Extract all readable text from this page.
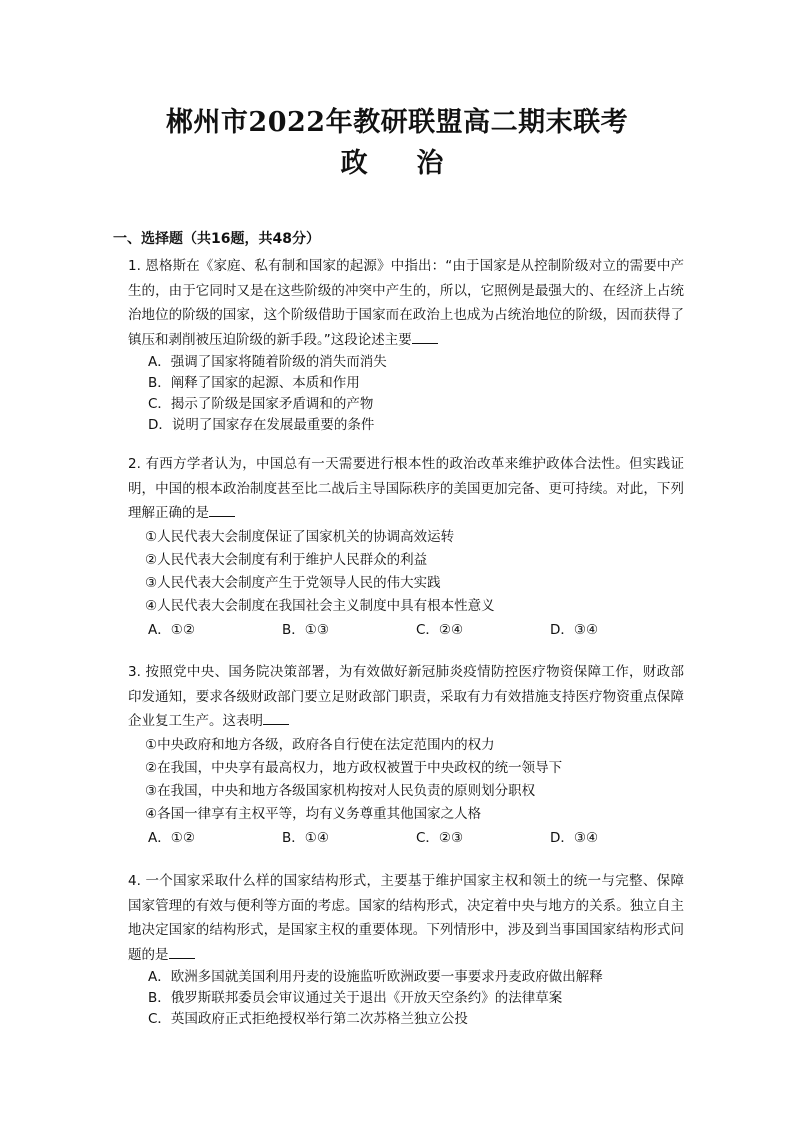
郴州市2022年教研联盟高二期末联考
政  治
一、选择题（共16题，共48分）

1. 恩格斯在《家庭、私有制和国家的起源》中指出：“由于国家是从控制阶级对立的需要中产生的，由于它同时又是在这些阶级的冲突中产生的，所以，它照例是最强大的、在经济上占统治地位的阶级的国家，这个阶级借助于国家而在政治上也成为占统治地位的阶级，因而获得了镇压和剥削被压迫阶级的新手段。”这段论述主要

A．强调了国家将随着阶级的消失而消失

B．阐释了国家的起源、本质和作用

C．揭示了阶级是国家矛盾调和的产物

D．说明了国家存在发展最重要的条件

2. 有西方学者认为，中国总有一天需要进行根本性的政治改革来维护政体合法性。但实践证明，中国的根本政治制度甚至比二战后主导国际秩序的美国更加完备、更可持续。对此，下列理解正确的是

①人民代表大会制度保证了国家机关的协调高效运转

②人民代表大会制度有利于维护人民群众的利益

③人民代表大会制度产生于党领导人民的伟大实践

④人民代表大会制度在我国社会主义制度中具有根本性意义

A．①②	B．①③	C．②④	D．③④

3. 按照党中央、国务院决策部署，为有效做好新冠肺炎疫情防控医疗物资保障工作，财政部印发通知，要求各级财政部门要立足财政部门职责，采取有力有效措施支持医疗物资重点保障企业复工生产。这表明

①中央政府和地方各级，政府各自行使在法定范围内的权力

②在我国，中央享有最高权力，地方政权被置于中央政权的统一领导下

③在我国，中央和地方各级国家机构按对人民负责的原则划分职权

④各国一律享有主权平等，均有义务尊重其他国家之人格

A．①②	B．①④	C．②③	D．③④

4. 一个国家采取什么样的国家结构形式，主要基于维护国家主权和领土的统一与完整、保障国家管理的有效与便利等方面的考虑。国家的结构形式，决定着中央与地方的关系。独立自主地决定国家的结构形式，是国家主权的重要体现。下列情形中，涉及到当事国国家结构形式问题的是

A．欧洲多国就美国利用丹麦的设施监听欧洲政要一事要求丹麦政府做出解释

B．俄罗斯联邦委员会审议通过关于退出《开放天空条约》的法律草案

C．英国政府正式拒绝授权举行第二次苏格兰独立公投
